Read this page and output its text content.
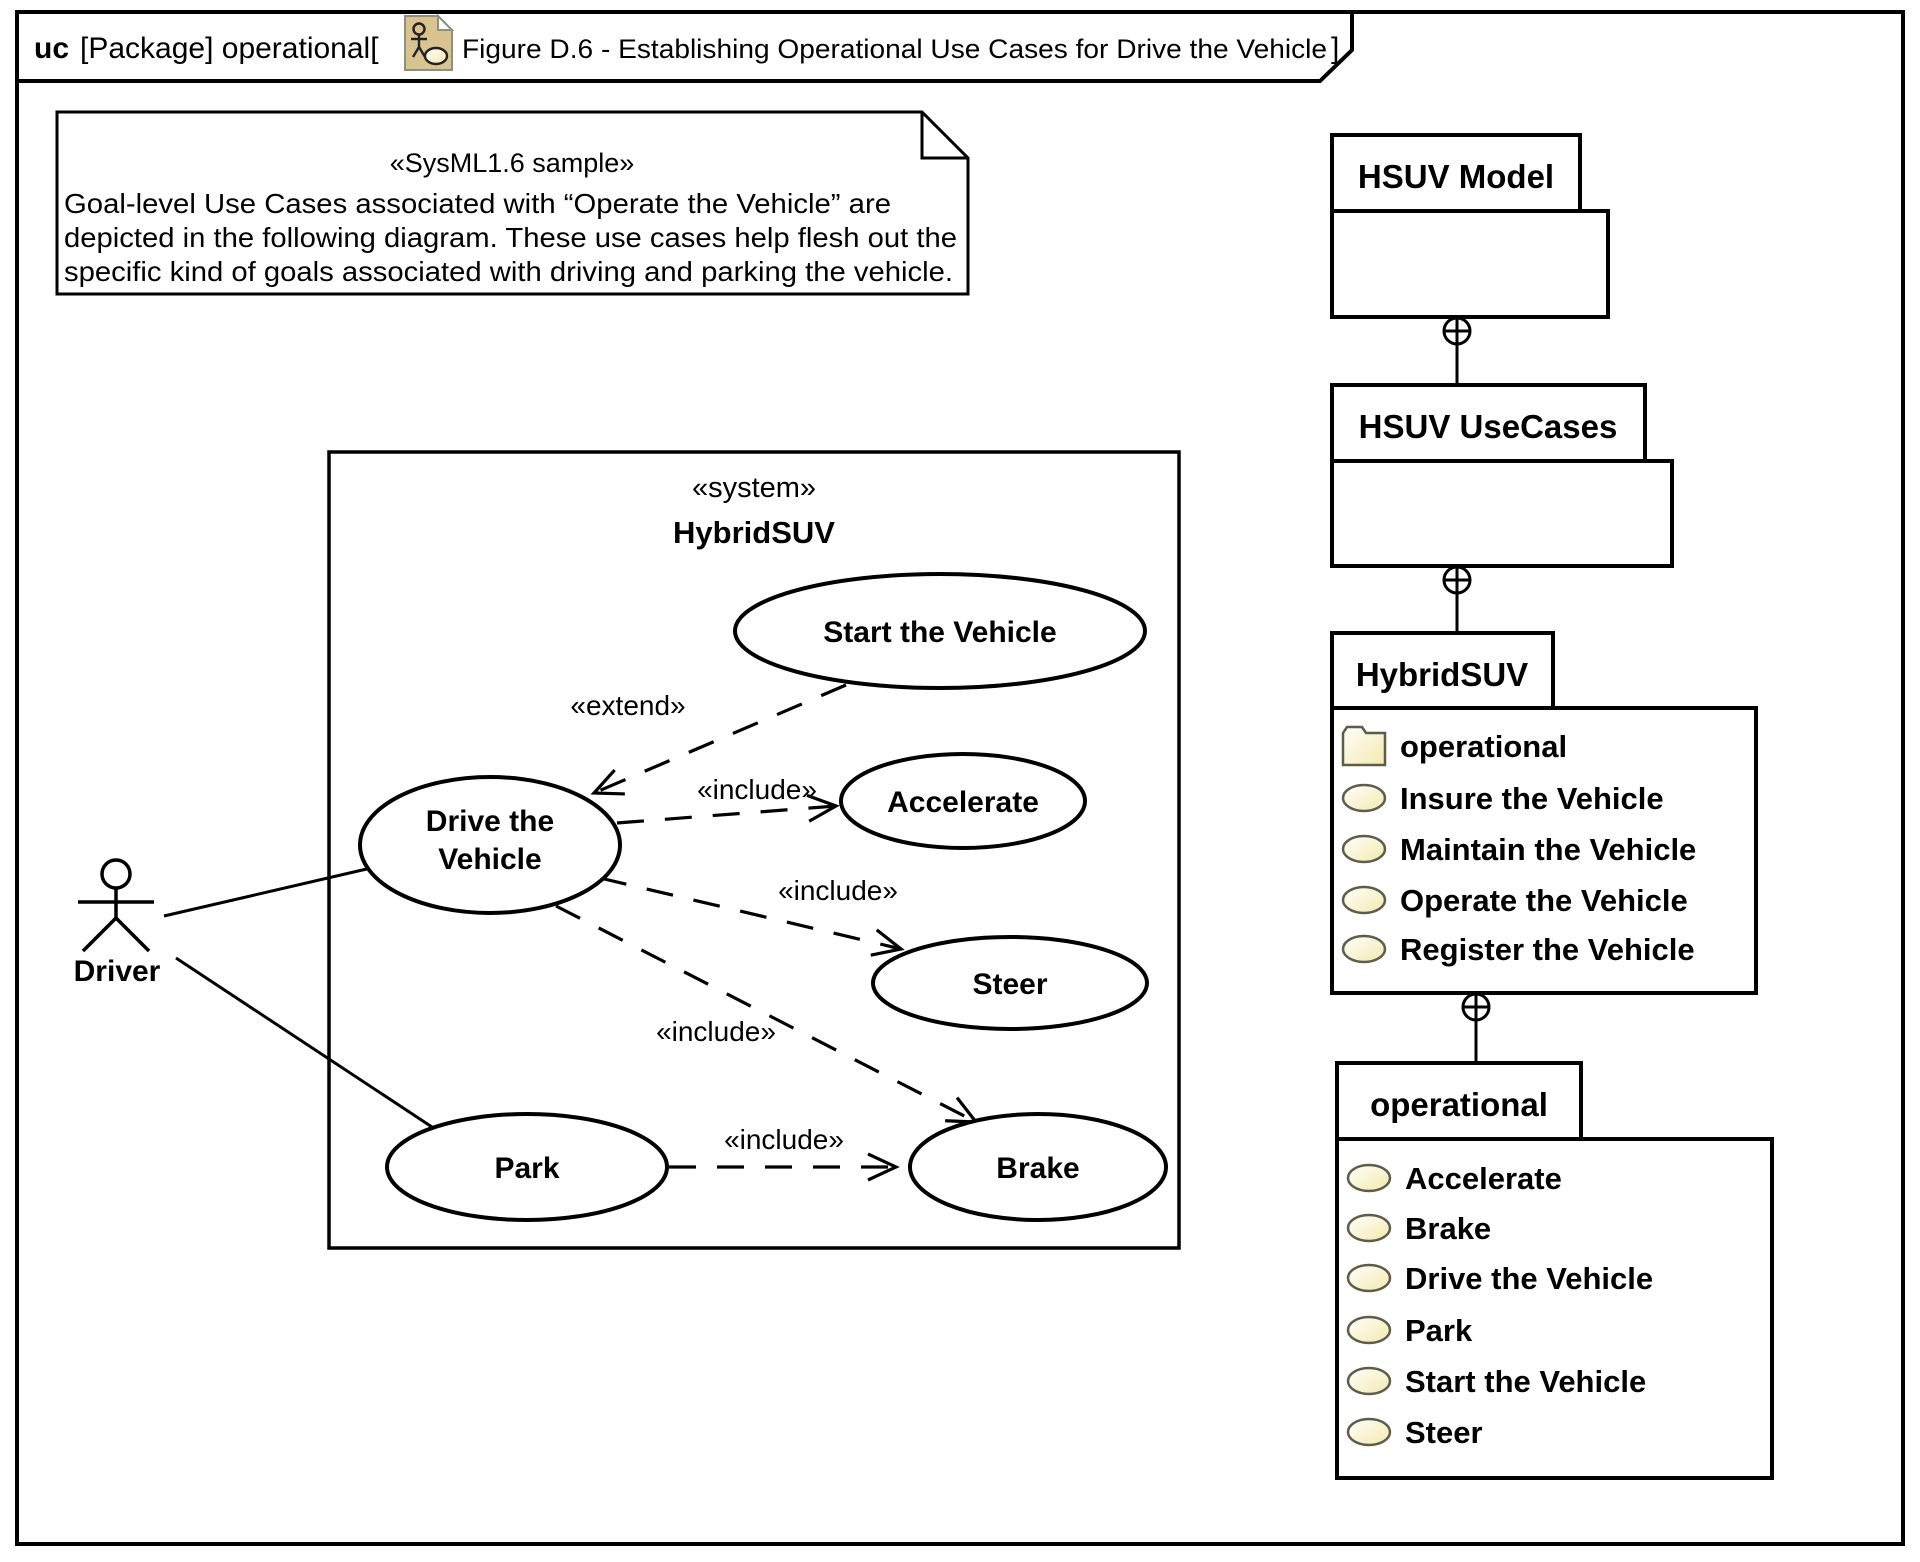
uc [Package] operational[	Figure D.6 - Establishing Operational Use Cases for Drive the Vehicle ]
«SysML1.6 sample»
Goal-level Use Cases associated with “Operate the Vehicle” are
depicted in the following diagram. These use cases help flesh out the
specific kind of goals associated with driving and parking the vehicle.
«system»
HybridSUV
Driver
«extend»
«include»
«include»
«include»
«include»
Start the Vehicle
Accelerate
Drive the
Vehicle
Steer
Park	Brake
HSUV Model
HSUV UseCases
HybridSUV
operational
Insure the Vehicle
Maintain the Vehicle
Operate the Vehicle
Register the Vehicle
operational
Accelerate
Brake
Drive the Vehicle
Park
Start the Vehicle
Steer
